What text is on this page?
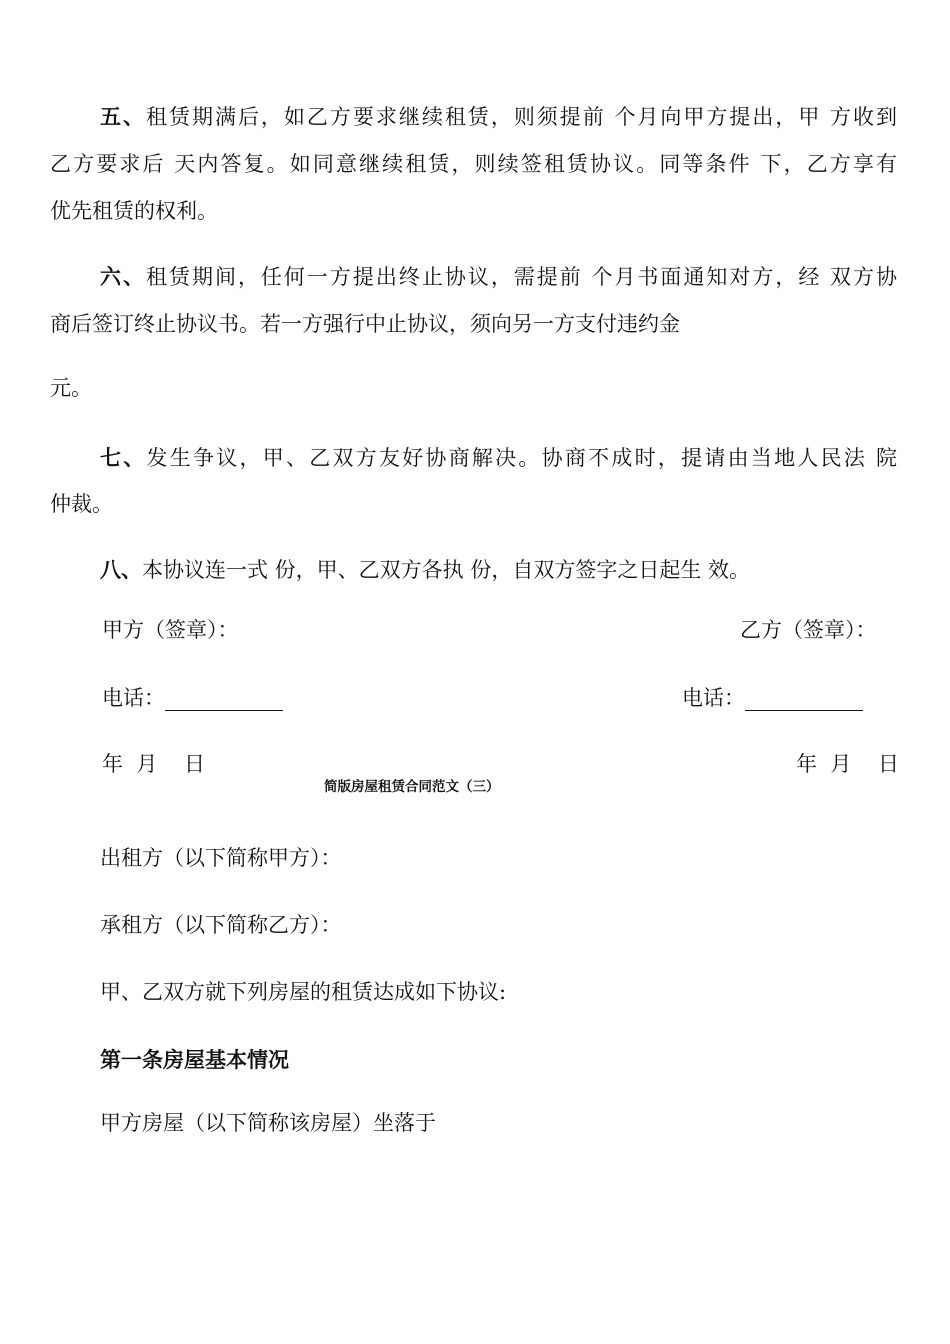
五、租赁期满后，如乙方要求继续租赁，则须提前 个月向甲方提出，甲 方收到
乙方要求后 天内答复。如同意继续租赁，则续签租赁协议。同等条件 下，乙方享有
优先租赁的权利。
六、租赁期间，任何一方提出终止协议，需提前 个月书面通知对方，经 双方协
商后签订终止协议书。若一方强行中止协议，须向另一方支付违约金
元。
七、发生争议，甲、乙双方友好协商解决。协商不成时，提请由当地人民法 院
仲裁。
八、本协议连一式 份，甲、乙双方各执 份，自双方签字之日起生 效。
甲方（签章）：	乙方（签章）：
电话：	电话：
年  月    日	年  月    日
简版房屋租赁合同范文（三）
出租方（以下简称甲方）：
承租方（以下简称乙方）：
甲、乙双方就下列房屋的租赁达成如下协议:
第一条房屋基本情况
甲方房屋（以下简称该房屋）坐落于
